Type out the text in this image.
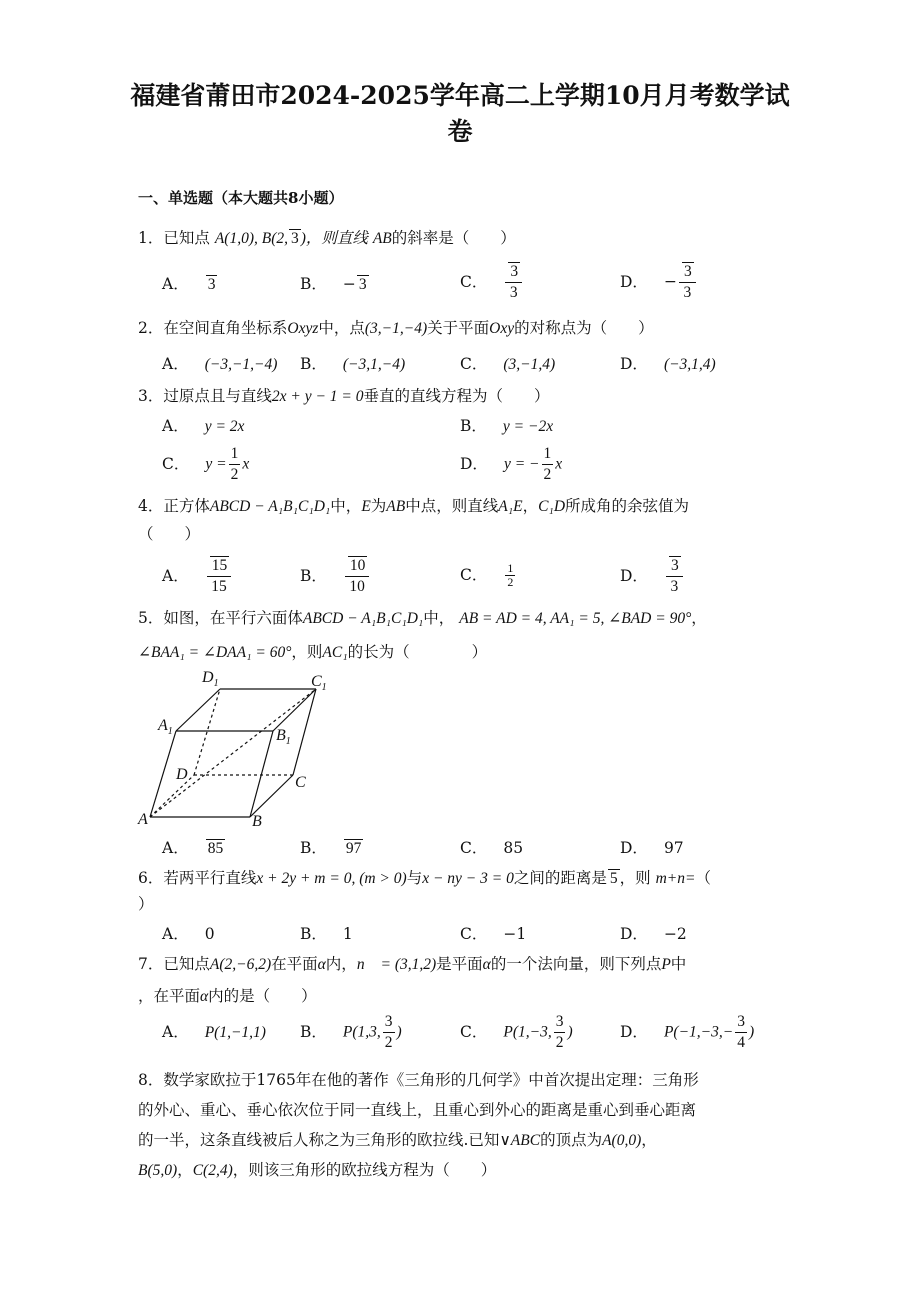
福建省莆田市2024-2025学年高二上学期10月月考数学试
卷
一、单选题（本大题共8小题）
1．已知点 A(1,0), B(2, 3 )，则直线 AB的斜率是（　　）
A． 3	B． − 3	C． $\frac{3}{3}$	D． − $\frac{3}{3}$
2．在空间直角坐标系Oxyz中，点(3,−1,−4)关于平面Oxy的对称点为（　　）
A． (−3,−1,−4) B． (−3,1,−4)	C． (3,−1,4)	D． (−3,1,4)
3．过原点且与直线2x + y − 1 = 0垂直的直线方程为（　　）
A． y = 2x	B． y = −2x
C． $y = \frac{1}{2}$ x	D． y = − $\frac{1}{2}$ x
4．正方体ABCD − A₁B₁C₁D₁中，E为AB中点，则直线A₁E，C₁D所成角的余弦值为
（　　）
A． $\frac{15}{15}$	B． $\frac{10}{10}$	C． $\frac{1}{2}$	D． $\frac{3}{3}$
5．如图，在平行六面体ABCD − A₁B₁C₁D₁中， AB = AD = 4, AA₁ = 5, ∠BAD = 90°，
∠BAA₁ = ∠DAA₁ = 60°，则AC₁的长为（　　　　）
$D_1$	$C_1$
$A_1$	$B_1$
D	C
A	B
A． 85	B． 97	C． 85	D． 97
6．若两平行直线x + 2y + m = 0, (m > 0)与x − ny − 3 = 0之间的距离是 5 ，则 m+n=（
）
A． 0	B． 1	C． −1	D． −2
7．已知点A(2,−6,2)在平面α内，n⃗ = (3,1,2)是平面α的一个法向量，则下列点P中
，在平面α内的是（　　）
A． P(1,−1,1) B． P(1,3, $\frac{3}{2}$ )	C． P(1,−3, $\frac{3}{2}$ )	D． $P(-1,-3,- \frac{3}{4}$ )
8．数学家欧拉于1765年在他的著作《三角形的几何学》中首次提出定理：三角形
的外心、重心、垂心依次位于同一直线上，且重心到外心的距离是重心到垂心距离
的一半，这条直线被后人称之为三角形的欧拉线.已知∨ABC的顶点为A(0,0)，
B(5,0)，C(2,4)，则该三角形的欧拉线方程为（　　）
